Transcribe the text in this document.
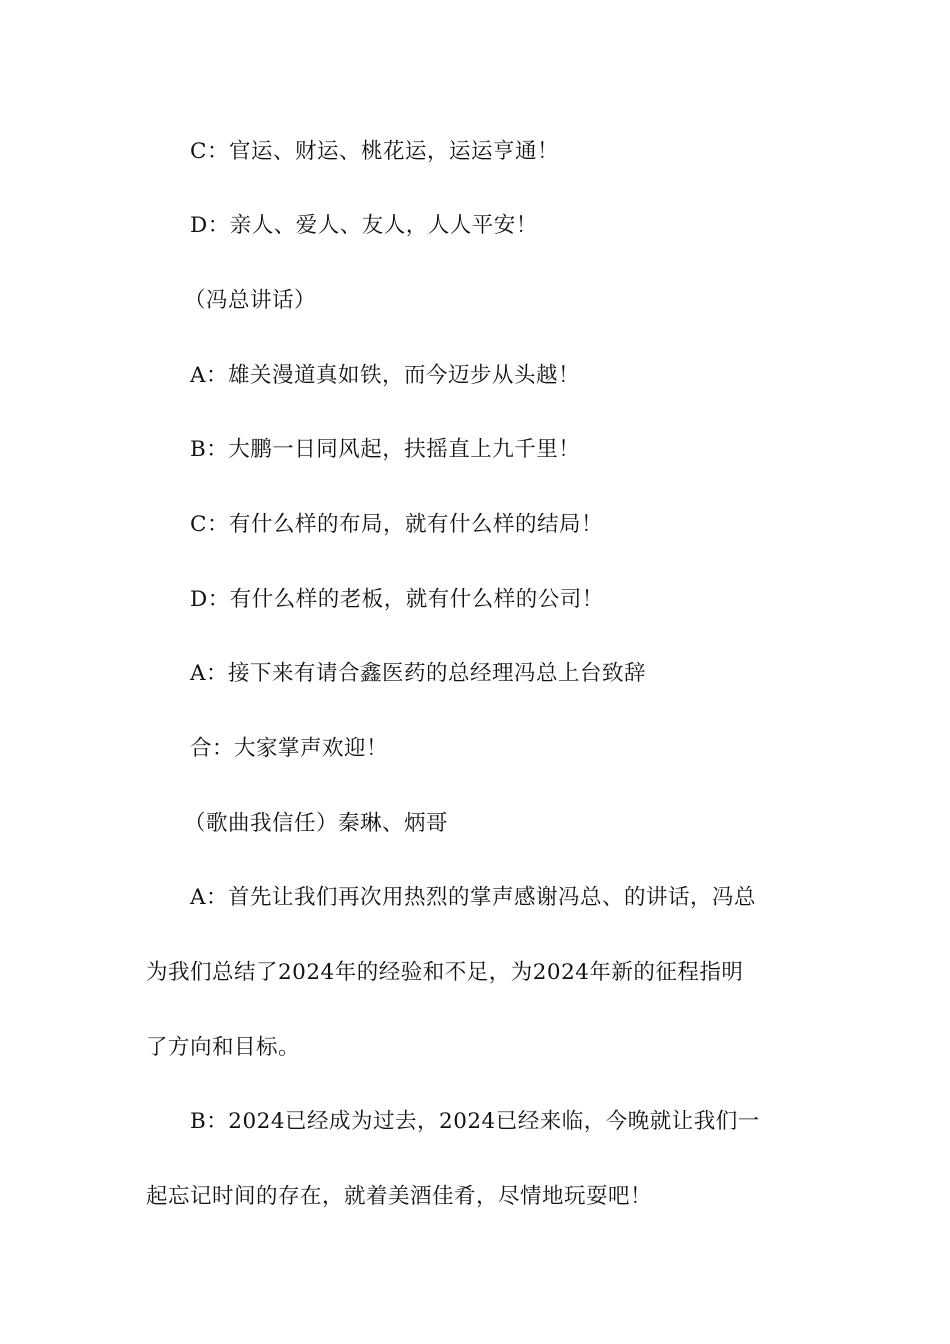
C：官运、财运、桃花运，运运亨通！
D：亲人、爱人、友人，人人平安！
（冯总讲话）
A：雄关漫道真如铁，而今迈步从头越！
B：大鹏一日同风起，扶摇直上九千里！
C：有什么样的布局，就有什么样的结局！
D：有什么样的老板，就有什么样的公司！
A：接下来有请合鑫医药的总经理冯总上台致辞
合：大家掌声欢迎！
（歌曲我信任）秦琳、炳哥
A：首先让我们再次用热烈的掌声感谢冯总、的讲话，冯总
为我们总结了2024年的经验和不足，为2024年新的征程指明
了方向和目标。
B：2024已经成为过去，2024已经来临，今晚就让我们一
起忘记时间的存在，就着美酒佳肴，尽情地玩耍吧！
